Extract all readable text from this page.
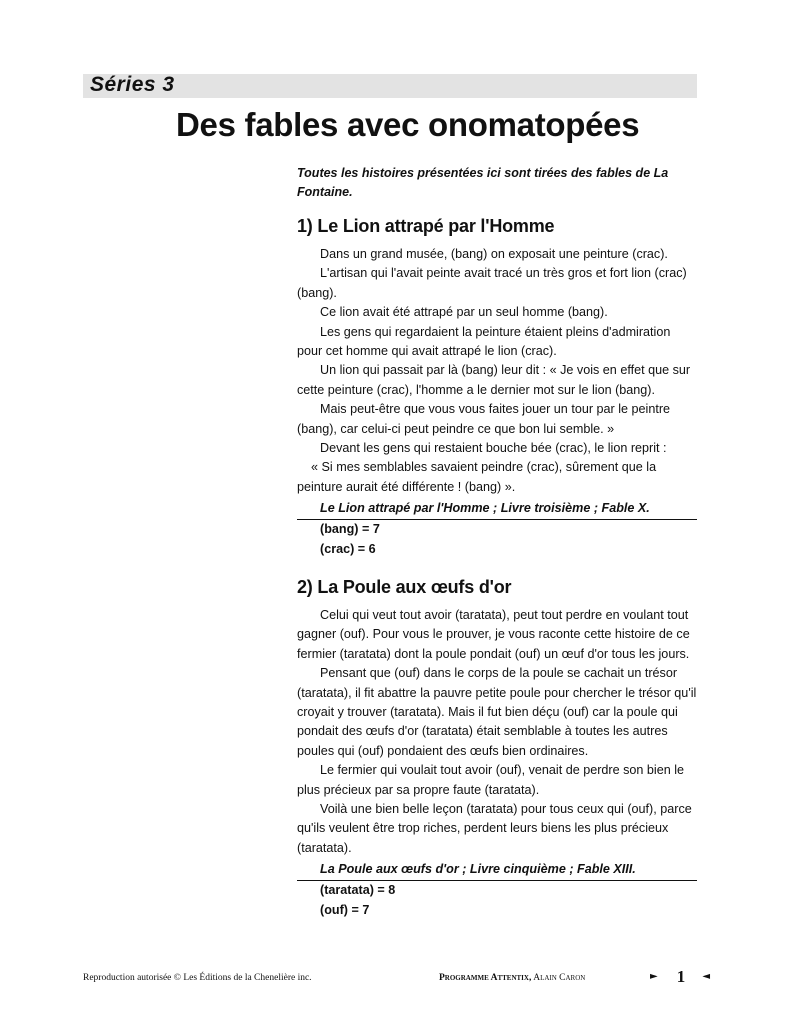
Séries 3
Des fables avec onomatopées
Toutes les histoires présentées ici sont tirées des fables de La Fontaine.
1) Le Lion attrapé par l'Homme

Dans un grand musée, (bang) on exposait une peinture (crac).

L'artisan qui l'avait peinte avait tracé un très gros et fort lion (crac) (bang).

Ce lion avait été attrapé par un seul homme (bang).

Les gens qui regardaient la peinture étaient pleins d'admiration pour cet homme qui avait attrapé le lion (crac).

Un lion qui passait par là (bang) leur dit : « Je vois en effet que sur cette peinture (crac), l'homme a le dernier mot sur le lion (bang).

Mais peut-être que vous vous faites jouer un tour par le peintre (bang), car celui-ci peut peindre ce que bon lui semble. »

Devant les gens qui restaient bouche bée (crac), le lion reprit :

« Si mes semblables savaient peindre (crac), sûrement que la peinture aurait été différente ! (bang) ».

Le Lion attrapé par l'Homme ; Livre troisième ; Fable X.

(bang) = 7

(crac) = 6

2) La Poule aux œufs d'or

Celui qui veut tout avoir (taratata), peut tout perdre en voulant tout gagner (ouf). Pour vous le prouver, je vous raconte cette histoire de ce fermier (taratata) dont la poule pondait (ouf) un œuf d'or tous les jours.

Pensant que (ouf) dans le corps de la poule se cachait un trésor (taratata), il fit abattre la pauvre petite poule pour chercher le trésor qu'il croyait y trouver (taratata). Mais il fut bien déçu (ouf) car la poule qui pondait des œufs d'or (taratata) était semblable à toutes les autres poules qui (ouf) pondaient des œufs bien ordinaires.

Le fermier qui voulait tout avoir (ouf), venait de perdre son bien le plus précieux par sa propre faute (taratata).

Voilà une bien belle leçon (taratata) pour tous ceux qui (ouf), parce qu'ils veulent être trop riches, perdent leurs biens les plus précieux (taratata).

La Poule aux œufs d'or ; Livre cinquième ; Fable XIII.

(taratata) = 8

(ouf) = 7

Reproduction autorisée © Les Éditions de la Chenelière inc.	Programme Attentix, Alain Caron	► 1 ◄
